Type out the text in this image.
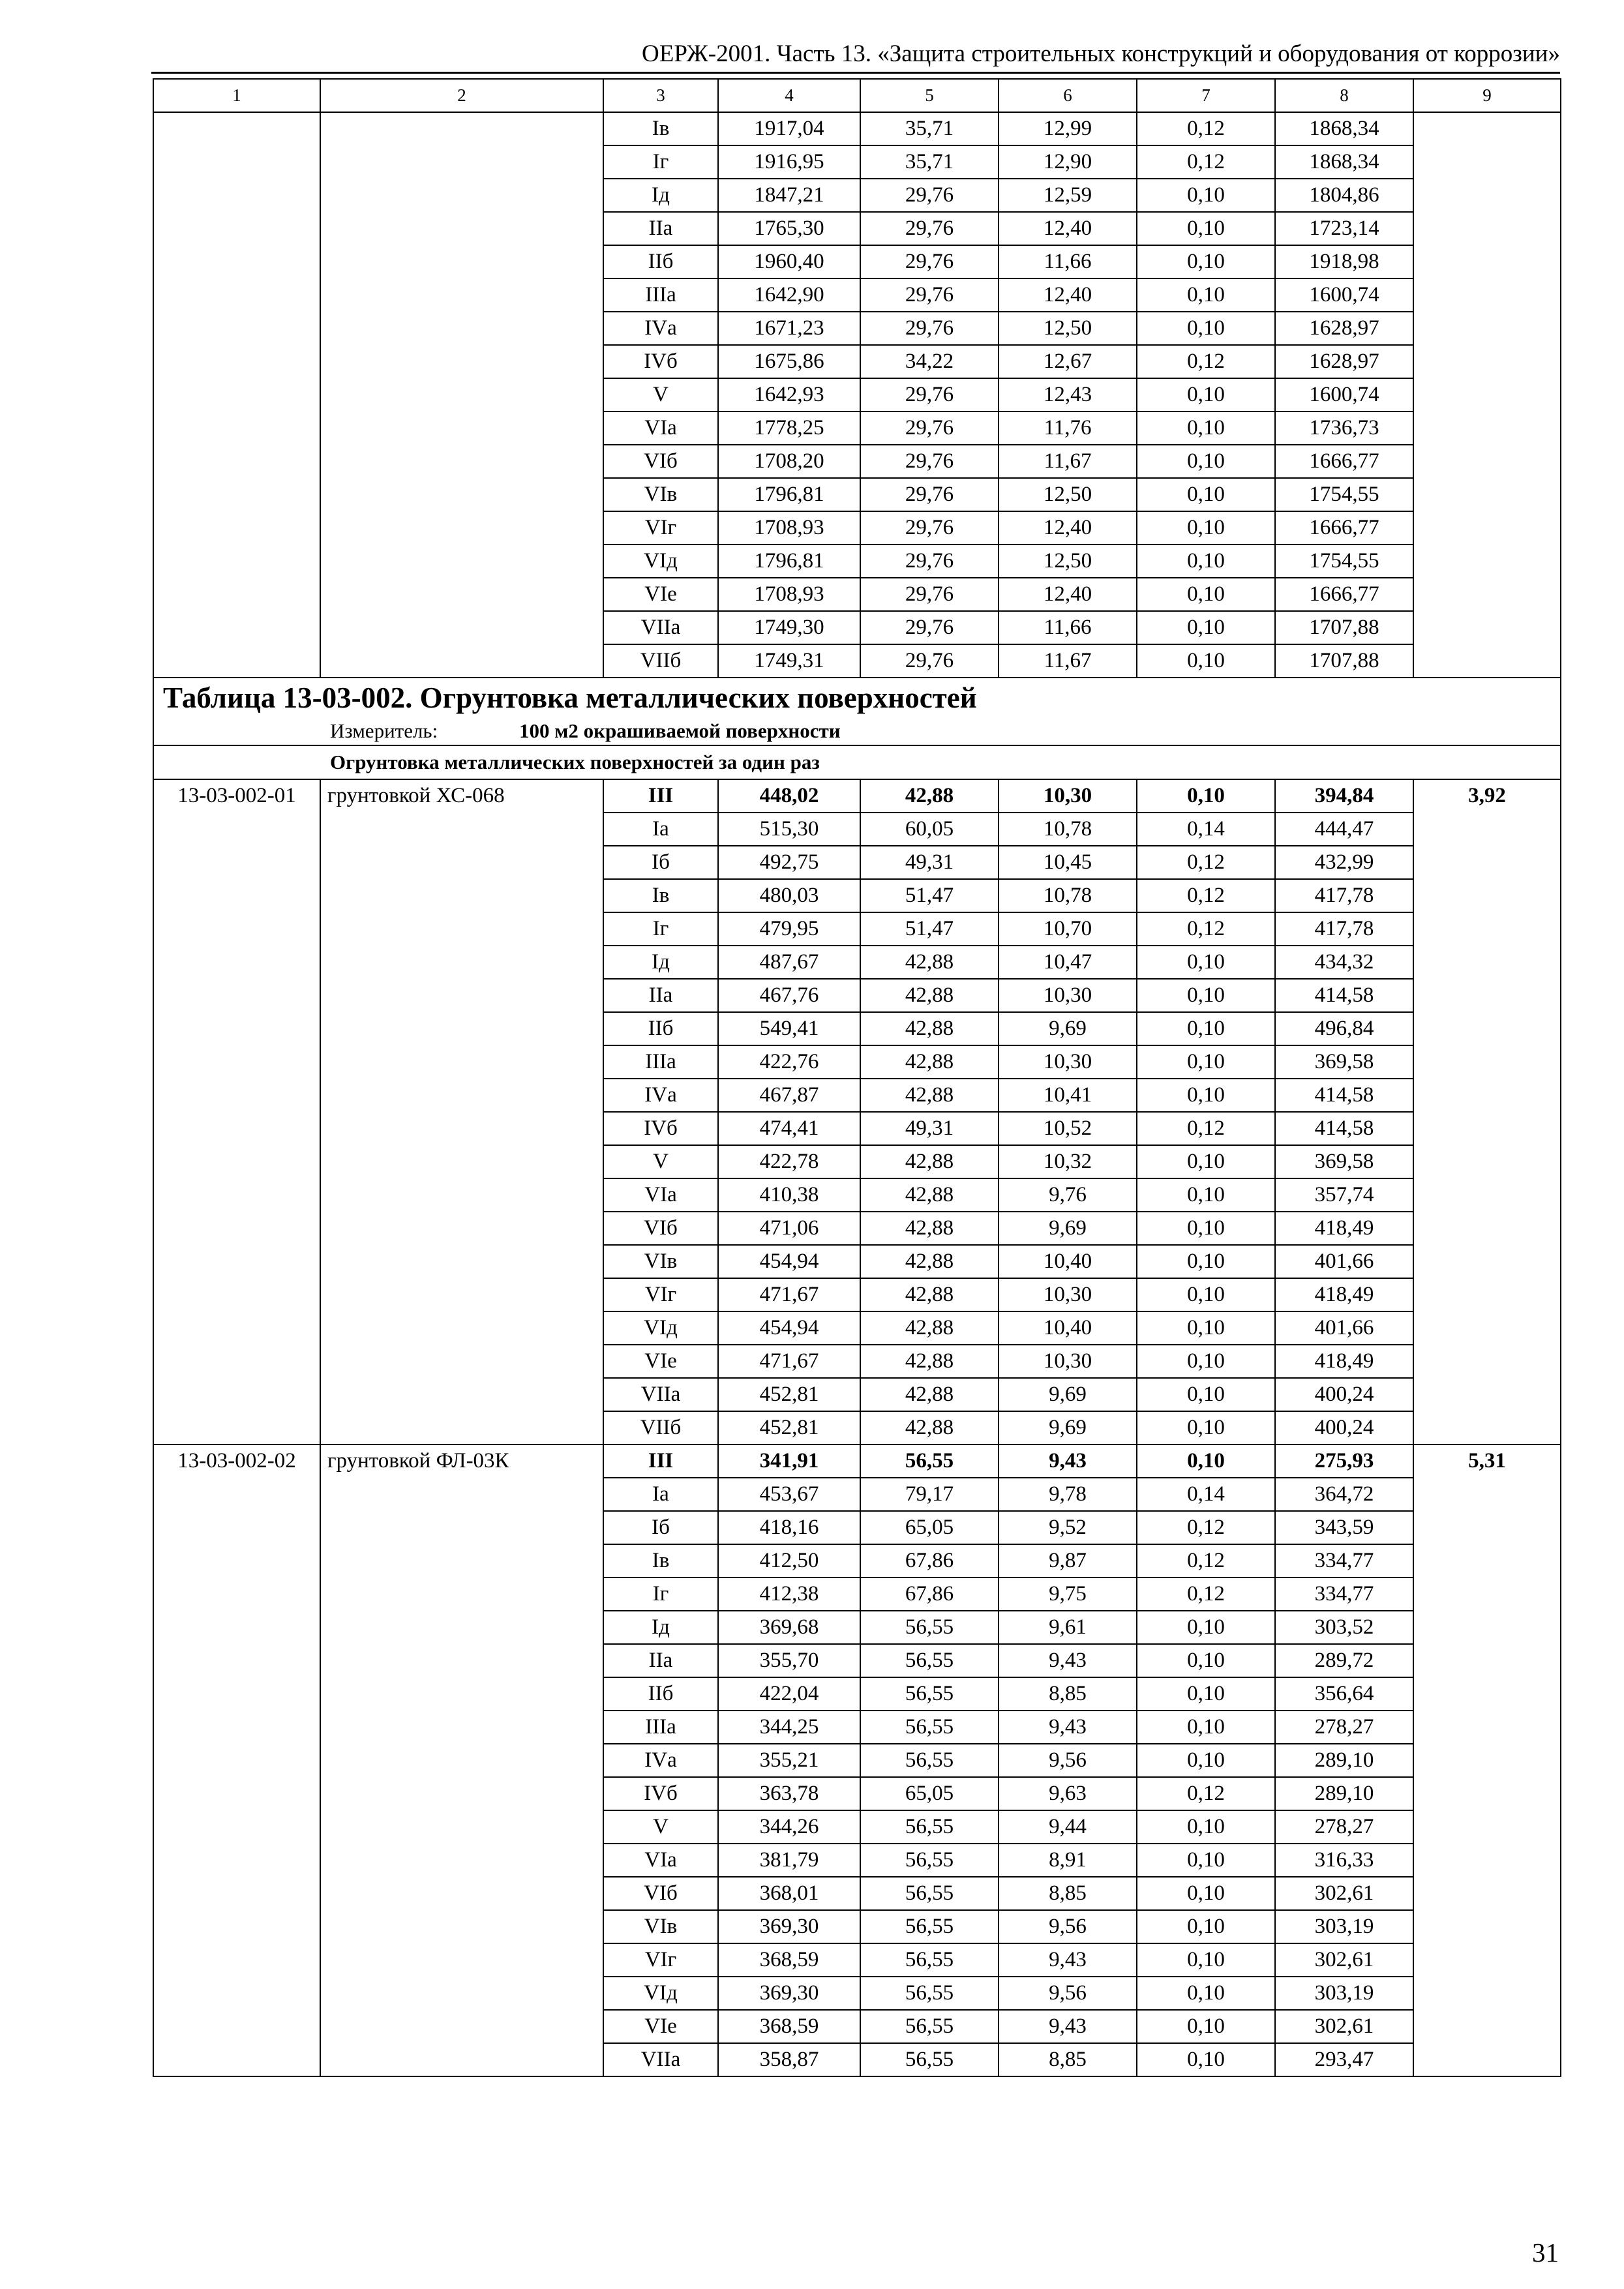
ОЕРЖ-2001. Часть 13. «Защита строительных конструкций и оборудования от коррозии»
1	2	3	4	5	6	7	8	9
		Iв	1917,04	35,71	12,99	0,12	1868,34	
		Iг	1916,95	35,71	12,90	0,12	1868,34	
		Iд	1847,21	29,76	12,59	0,10	1804,86	
		IIа	1765,30	29,76	12,40	0,10	1723,14	
		IIб	1960,40	29,76	11,66	0,10	1918,98	
		IIIа	1642,90	29,76	12,40	0,10	1600,74	
		IVа	1671,23	29,76	12,50	0,10	1628,97	
		IVб	1675,86	34,22	12,67	0,12	1628,97	
		V	1642,93	29,76	12,43	0,10	1600,74	
		VIа	1778,25	29,76	11,76	0,10	1736,73	
		VIб	1708,20	29,76	11,67	0,10	1666,77	
		VIв	1796,81	29,76	12,50	0,10	1754,55	
		VIг	1708,93	29,76	12,40	0,10	1666,77	
		VIд	1796,81	29,76	12,50	0,10	1754,55	
		VIе	1708,93	29,76	12,40	0,10	1666,77	
		VIIа	1749,30	29,76	11,66	0,10	1707,88	
		VIIб	1749,31	29,76	11,67	0,10	1707,88	
Таблица 13-03-002. Огрунтовка металлических поверхностей								
Измеритель: 100 м2 окрашиваемой поверхности								
Огрунтовка металлических поверхностей за один раз								
13-03-002-01	грунтовкой ХС-068	III	448,02	42,88	10,30	0,10	394,84	3,92
		Iа	515,30	60,05	10,78	0,14	444,47	
		Iб	492,75	49,31	10,45	0,12	432,99	
		Iв	480,03	51,47	10,78	0,12	417,78	
		Iг	479,95	51,47	10,70	0,12	417,78	
		Iд	487,67	42,88	10,47	0,10	434,32	
		IIа	467,76	42,88	10,30	0,10	414,58	
		IIб	549,41	42,88	9,69	0,10	496,84	
		IIIа	422,76	42,88	10,30	0,10	369,58	
		IVа	467,87	42,88	10,41	0,10	414,58	
		IVб	474,41	49,31	10,52	0,12	414,58	
		V	422,78	42,88	10,32	0,10	369,58	
		VIа	410,38	42,88	9,76	0,10	357,74	
		VIб	471,06	42,88	9,69	0,10	418,49	
		VIв	454,94	42,88	10,40	0,10	401,66	
		VIг	471,67	42,88	10,30	0,10	418,49	
		VIд	454,94	42,88	10,40	0,10	401,66	
		VIе	471,67	42,88	10,30	0,10	418,49	
		VIIа	452,81	42,88	9,69	0,10	400,24	
		VIIб	452,81	42,88	9,69	0,10	400,24	
13-03-002-02	грунтовкой ФЛ-03К	III	341,91	56,55	9,43	0,10	275,93	5,31
		Iа	453,67	79,17	9,78	0,14	364,72	
		Iб	418,16	65,05	9,52	0,12	343,59	
		Iв	412,50	67,86	9,87	0,12	334,77	
		Iг	412,38	67,86	9,75	0,12	334,77	
		Iд	369,68	56,55	9,61	0,10	303,52	
		IIа	355,70	56,55	9,43	0,10	289,72	
		IIб	422,04	56,55	8,85	0,10	356,64	
		IIIа	344,25	56,55	9,43	0,10	278,27	
		IVа	355,21	56,55	9,56	0,10	289,10	
		IVб	363,78	65,05	9,63	0,12	289,10	
		V	344,26	56,55	9,44	0,10	278,27	
		VIа	381,79	56,55	8,91	0,10	316,33	
		VIб	368,01	56,55	8,85	0,10	302,61	
		VIв	369,30	56,55	9,56	0,10	303,19	
		VIг	368,59	56,55	9,43	0,10	302,61	
		VIд	369,30	56,55	9,56	0,10	303,19	
		VIе	368,59	56,55	9,43	0,10	302,61	
		VIIа	358,87	56,55	8,85	0,10	293,47	
31
